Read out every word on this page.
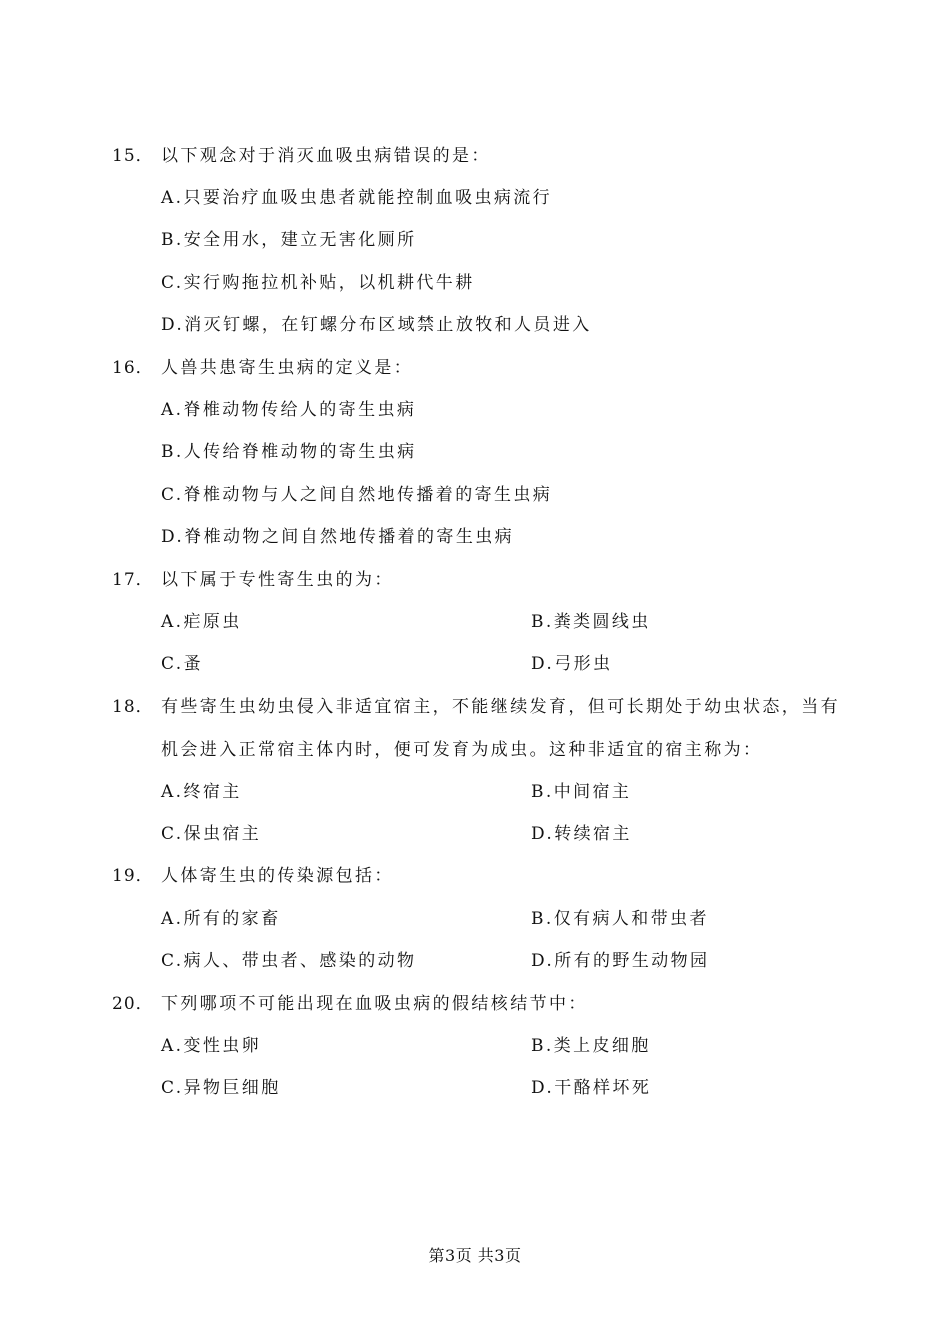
15． 以下观念对于消灭血吸虫病错误的是：
A.只要治疗血吸虫患者就能控制血吸虫病流行
B.安全用水，建立无害化厕所
C.实行购拖拉机补贴，以机耕代牛耕
D.消灭钉螺，在钉螺分布区域禁止放牧和人员进入
16． 人兽共患寄生虫病的定义是：
A.脊椎动物传给人的寄生虫病
B.人传给脊椎动物的寄生虫病
C.脊椎动物与人之间自然地传播着的寄生虫病
D.脊椎动物之间自然地传播着的寄生虫病
17． 以下属于专性寄生虫的为：
A.疟原虫	B.粪类圆线虫
C.蚤	D.弓形虫
18． 有些寄生虫幼虫侵入非适宜宿主，不能继续发育，但可长期处于幼虫状态，当有机会进入正常宿主体内时，便可发育为成虫。这种非适宜的宿主称为：
A.终宿主	B.中间宿主
C.保虫宿主	D.转续宿主
19． 人体寄生虫的传染源包括：
A.所有的家畜	B.仅有病人和带虫者
C.病人、带虫者、感染的动物	D.所有的野生动物园
20． 下列哪项不可能出现在血吸虫病的假结核结节中：
A.变性虫卵	B.类上皮细胞
C.异物巨细胞	D.干酪样坏死
第3页 共3页
